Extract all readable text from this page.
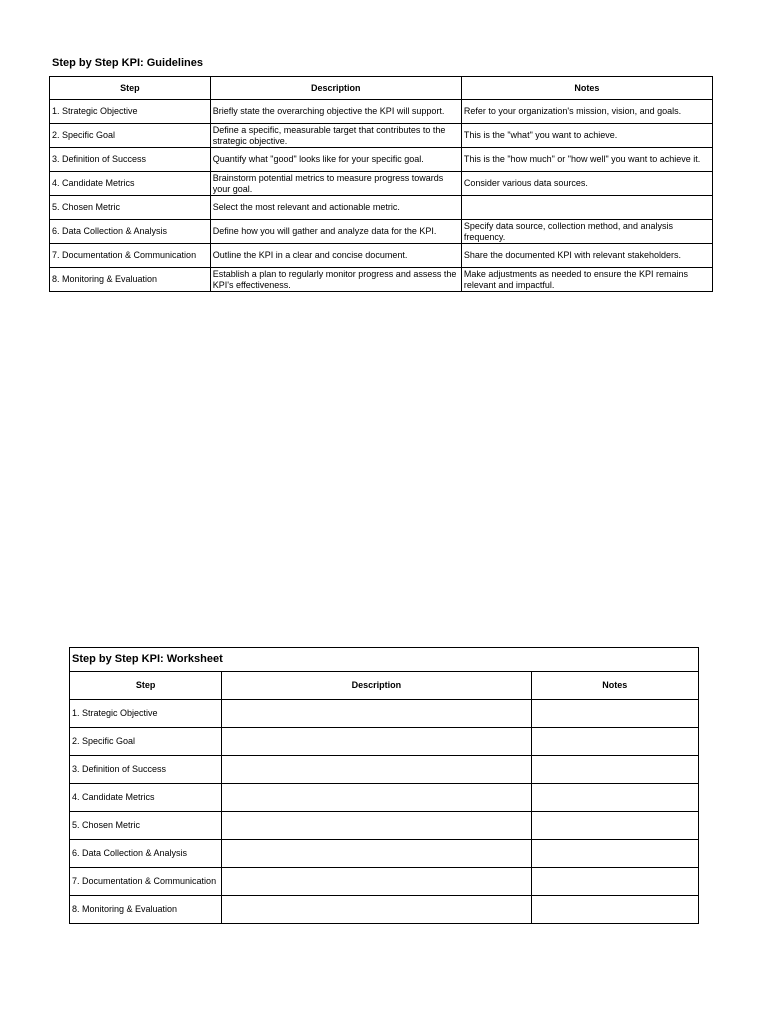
Step by Step KPI: Guidelines
Step	Description	Notes
1. Strategic Objective	Briefly state the overarching objective the KPI will support.	Refer to your organization's mission, vision, and goals.
2. Specific Goal	Define a specific, measurable target that contributes to the strategic objective.	This is the "what" you want to achieve.
3. Definition of Success	Quantify what "good" looks like for your specific goal.	This is the "how much" or "how well" you want to achieve it.
4. Candidate Metrics	Brainstorm potential metrics to measure progress towards your goal.	Consider various data sources.
5. Chosen Metric	Select the most relevant and actionable metric.	
6. Data Collection & Analysis	Define how you will gather and analyze data for the KPI.	Specify data source, collection method, and analysis frequency.
7. Documentation & Communication	Outline the KPI in a clear and concise document.	Share the documented KPI with relevant stakeholders.
8. Monitoring & Evaluation	Establish a plan to regularly monitor progress and assess the KPI's effectiveness.	Make adjustments as needed to ensure the KPI remains relevant and impactful.
Step by Step KPI: Worksheet		
Step	Description	Notes
1. Strategic Objective		
2. Specific Goal		
3. Definition of Success		
4. Candidate Metrics		
5. Chosen Metric		
6. Data Collection & Analysis		
7. Documentation & Communication		
8. Monitoring & Evaluation		
